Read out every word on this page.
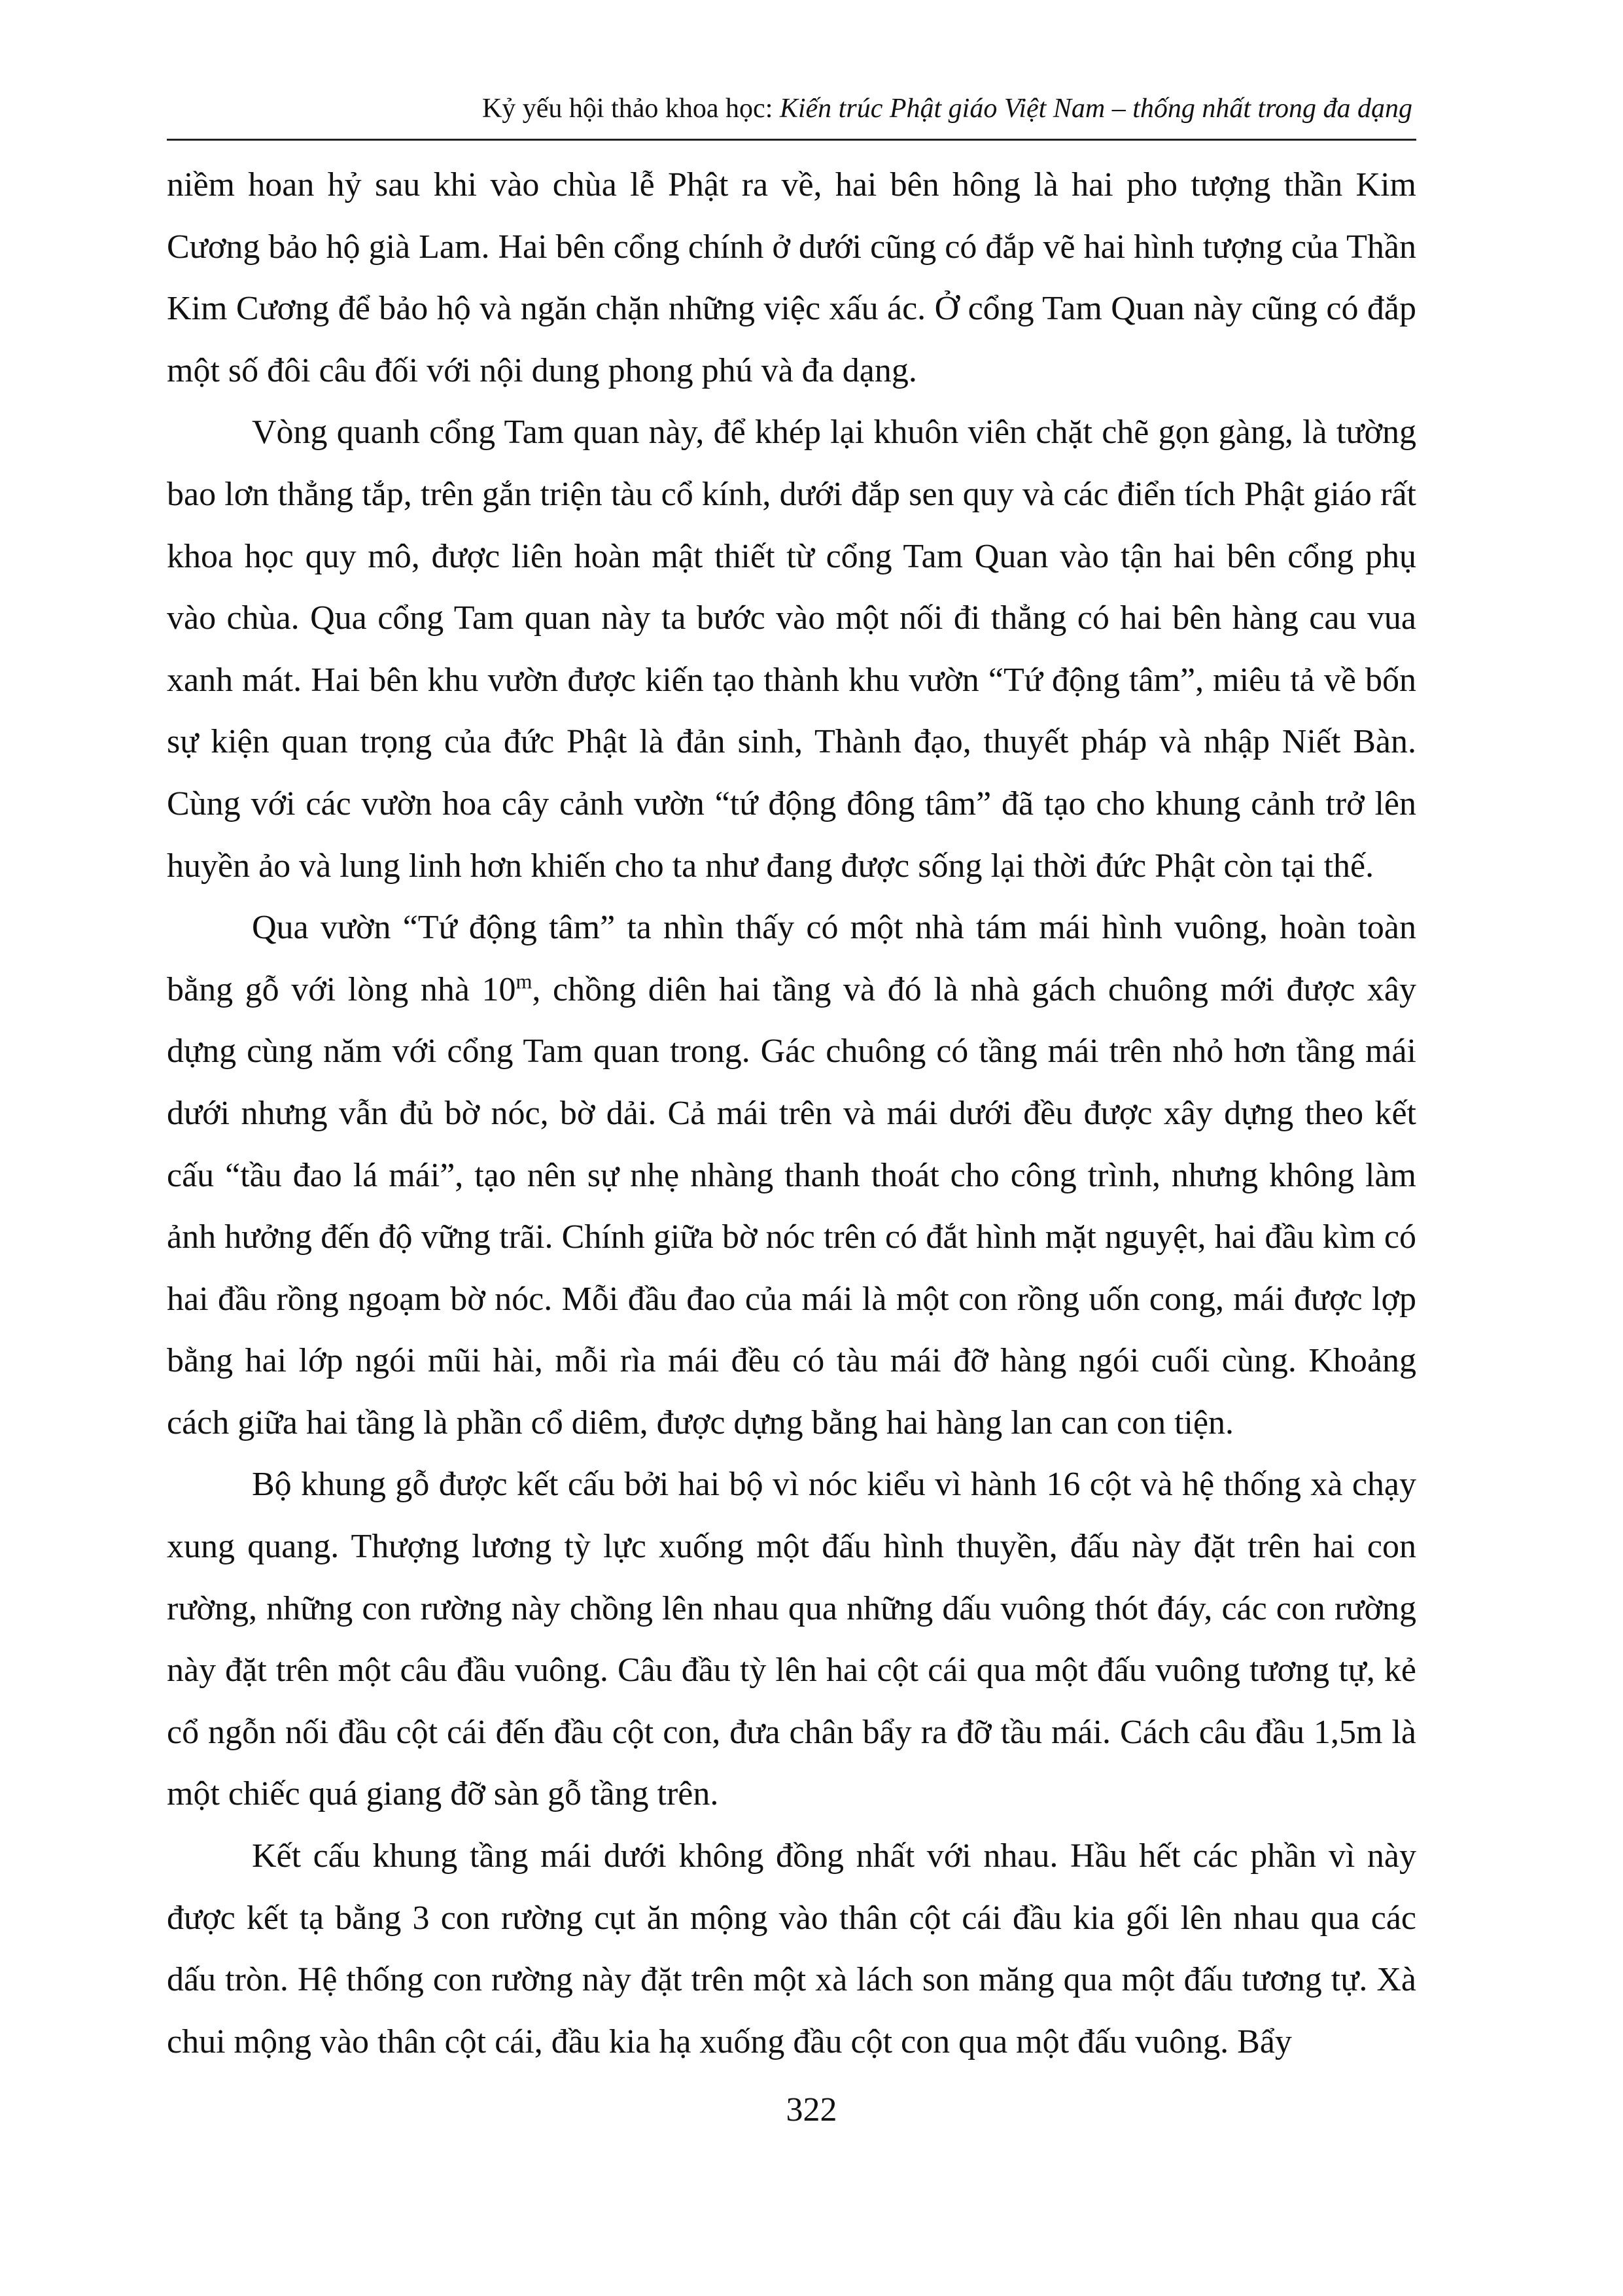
Kỷ yếu hội thảo khoa học: Kiến trúc Phật giáo Việt Nam – thống nhất trong đa dạng

niềm hoan hỷ sau khi vào chùa lễ Phật ra về, hai bên hông là hai pho tượng thần Kim Cương bảo hộ già Lam. Hai bên cổng chính ở dưới cũng có đắp vẽ hai hình tượng của Thần Kim Cương để bảo hộ và ngăn chặn những việc xấu ác. Ở cổng Tam Quan này cũng có đắp một số đôi câu đối với nội dung phong phú và đa dạng.

Vòng quanh cổng Tam quan này, để khép lại khuôn viên chặt chẽ gọn gàng, là tường bao lơn thẳng tắp, trên gắn triện tàu cổ kính, dưới đắp sen quy và các điển tích Phật giáo rất khoa học quy mô, được liên hoàn mật thiết từ cổng Tam Quan vào tận hai bên cổng phụ vào chùa. Qua cổng Tam quan này ta bước vào một nối đi thẳng có hai bên hàng cau vua xanh mát. Hai bên khu vườn được kiến tạo thành khu vườn “Tứ động tâm”, miêu tả về bốn sự kiện quan trọng của đức Phật là đản sinh, Thành đạo, thuyết pháp và nhập Niết Bàn. Cùng với các vườn hoa cây cảnh vườn “tứ động đông tâm” đã tạo cho khung cảnh trở lên huyền ảo và lung linh hơn khiến cho ta như đang được sống lại thời đức Phật còn tại thế.

Qua vườn “Tứ động tâm” ta nhìn thấy có một nhà tám mái hình vuông, hoàn toàn bằng gỗ với lòng nhà 10$^m$, chồng diên hai tầng và đó là nhà gách chuông mới được xây dựng cùng năm với cổng Tam quan trong. Gác chuông có tầng mái trên nhỏ hơn tầng mái dưới nhưng vẫn đủ bờ nóc, bờ dải. Cả mái trên và mái dưới đều được xây dựng theo kết cấu “tầu đao lá mái”, tạo nên sự nhẹ nhàng thanh thoát cho công trình, nhưng không làm ảnh hưởng đến độ vững trãi. Chính giữa bờ nóc trên có đắt hình mặt nguyệt, hai đầu kìm có hai đầu rồng ngoạm bờ nóc. Mỗi đầu đao của mái là một con rồng uốn cong, mái được lợp bằng hai lớp ngói mũi hài, mỗi rìa mái đều có tàu mái đỡ hàng ngói cuối cùng. Khoảng cách giữa hai tầng là phần cổ diêm, được dựng bằng hai hàng lan can con tiện.

Bộ khung gỗ được kết cấu bởi hai bộ vì nóc kiểu vì hành 16 cột và hệ thống xà chạy xung quang. Thượng lương tỳ lực xuống một đấu hình thuyền, đấu này đặt trên hai con rường, những con rường này chồng lên nhau qua những dấu vuông thót đáy, các con rường này đặt trên một câu đầu vuông. Câu đầu tỳ lên hai cột cái qua một đấu vuông tương tự, kẻ cổ ngỗn nối đầu cột cái đến đầu cột con, đưa chân bẩy ra đỡ tầu mái. Cách câu đầu 1,5m là một chiếc quá giang đỡ sàn gỗ tầng trên.

Kết cấu khung tầng mái dưới không đồng nhất với nhau. Hầu hết các phần vì này được kết tạ bằng 3 con rường cụt ăn mộng vào thân cột cái đầu kia gối lên nhau qua các dấu tròn. Hệ thống con rường này đặt trên một xà lách son măng qua một đấu tương tự. Xà chui mộng vào thân cột cái, đầu kia hạ xuống đầu cột con qua một đấu vuông. Bẩy

322
